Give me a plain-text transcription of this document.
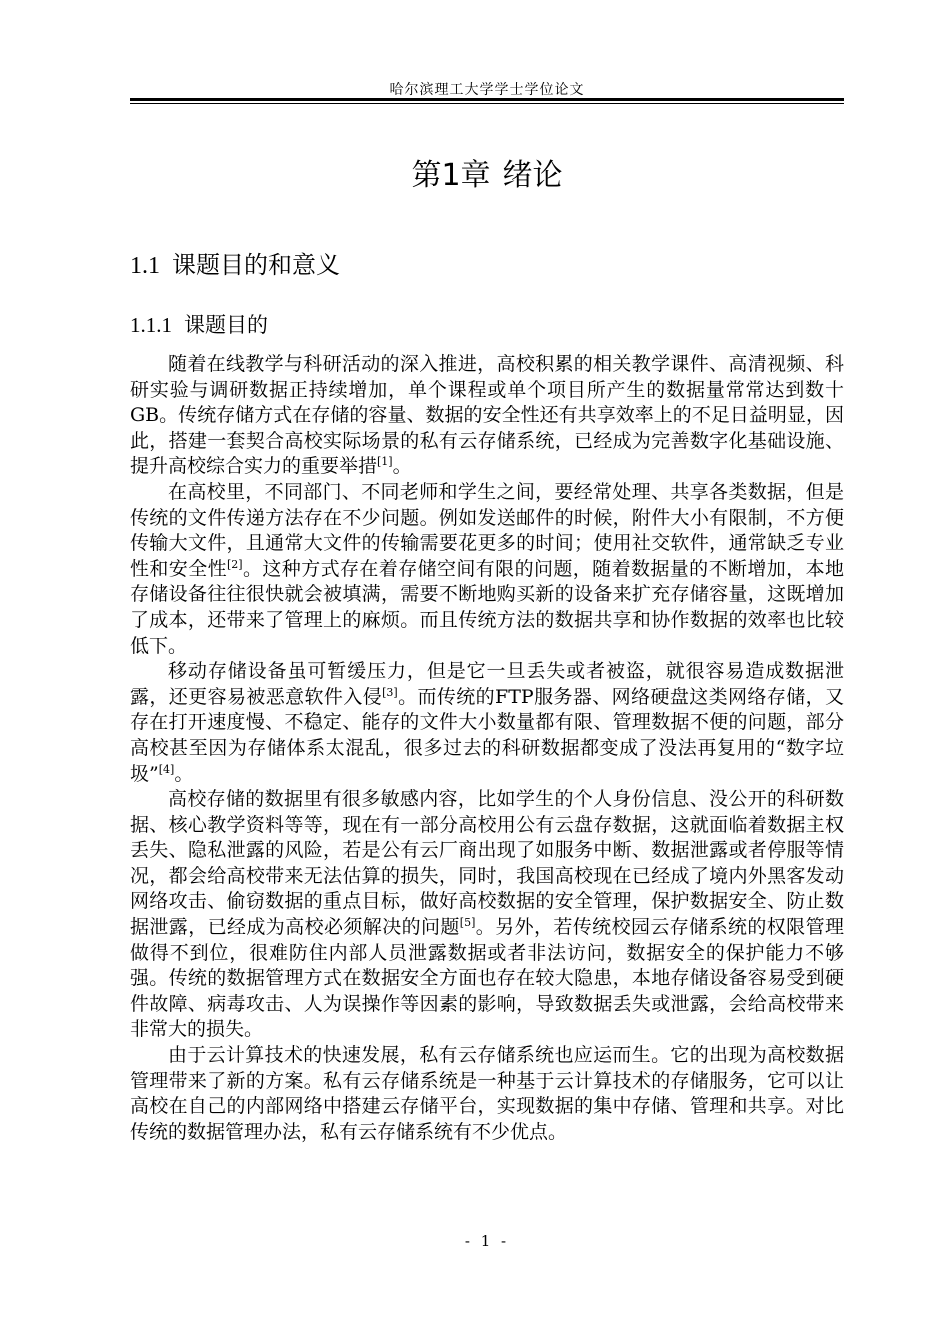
哈尔滨理工大学学士学位论文
第1章 绪论
1.1 课题目的和意义
1.1.1 课题目的

随着在线教学与科研活动的深入推进，高校积累的相关教学课件、高清视频、科研实验与调研数据正持续增加，单个课程或单个项目所产生的数据量常常达到数十GB。传统存储方式在存储的容量、数据的安全性还有共享效率上的不足日益明显，因此，搭建一套契合高校实际场景的私有云存储系统，已经成为完善数字化基础设施、提升高校综合实力的重要举措[1]。

在高校里，不同部门、不同老师和学生之间，要经常处理、共享各类数据，但是传统的文件传递方法存在不少问题。例如发送邮件的时候，附件大小有限制，不方便传输大文件，且通常大文件的传输需要花更多的时间；使用社交软件，通常缺乏专业性和安全性[2]。这种方式存在着存储空间有限的问题，随着数据量的不断增加，本地存储设备往往很快就会被填满，需要不断地购买新的设备来扩充存储容量，这既增加了成本，还带来了管理上的麻烦。而且传统方法的数据共享和协作数据的效率也比较低下。

移动存储设备虽可暂缓压力，但是它一旦丢失或者被盗，就很容易造成数据泄露，还更容易被恶意软件入侵[3]。而传统的FTP服务器、网络硬盘这类网络存储，又存在打开速度慢、不稳定、能存的文件大小数量都有限、管理数据不便的问题，部分高校甚至因为存储体系太混乱，很多过去的科研数据都变成了没法再复用的“数字垃圾”[4]。

高校存储的数据里有很多敏感内容，比如学生的个人身份信息、没公开的科研数据、核心教学资料等等，现在有一部分高校用公有云盘存数据，这就面临着数据主权丢失、隐私泄露的风险，若是公有云厂商出现了如服务中断、数据泄露或者停服等情况，都会给高校带来无法估算的损失，同时，我国高校现在已经成了境内外黑客发动网络攻击、偷窃数据的重点目标，做好高校数据的安全管理，保护数据安全、防止数据泄露，已经成为高校必须解决的问题[5]。另外，若传统校园云存储系统的权限管理做得不到位，很难防住内部人员泄露数据或者非法访问，数据安全的保护能力不够强。传统的数据管理方式在数据安全方面也存在较大隐患，本地存储设备容易受到硬件故障、病毒攻击、人为误操作等因素的影响，导致数据丢失或泄露，会给高校带来非常大的损失。

由于云计算技术的快速发展，私有云存储系统也应运而生。它的出现为高校数据管理带来了新的方案。私有云存储系统是一种基于云计算技术的存储服务，它可以让高校在自己的内部网络中搭建云存储平台，实现数据的集中存储、管理和共享。对比传统的数据管理办法，私有云存储系统有不少优点。

- 1 -
